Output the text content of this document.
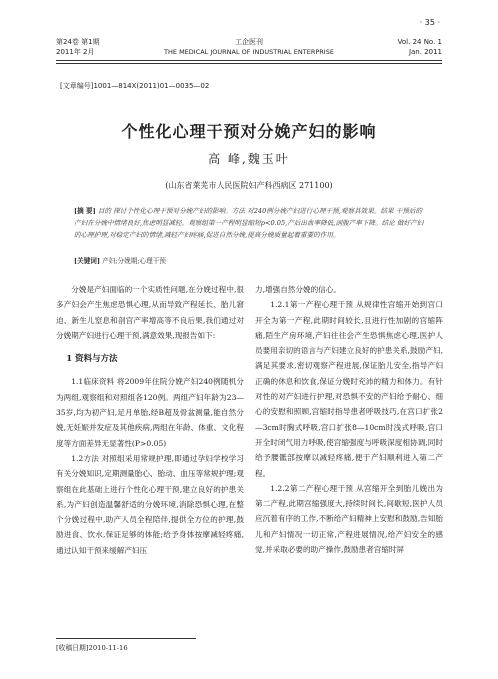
· 35 ·
第24卷 第1期
2011年 2月
工企医刊
THE MEDICAL JOURNAL OF INDUSTRIAL ENTERPRISE
Vol. 24 No. 1
Jan. 2011
[文章编号]1001—814X(2011)01—0035—02
个性化心理干预对分娩产妇的影响
高 峰,魏玉叶
(山东省莱芜市人民医院妇产科西病区 271100)
[摘 要] 目的 探讨个性化心理干预对分娩产妇的影响。方法 对240例分娩产妇进行心理干预,观察其效果。结果 干预后的产妇在分娩中情绪良好,焦虑明显减轻。观察组第一产程明显缩短p<0.05,产后出血率降低,剖腹产率下降。结论 做好产妇的心理护理,对稳定产妇的情绪,减轻产妇疼痛,促进自然分娩,提高分娩质量起着重要的作用。
[关键词] 产妇;分娩期;心理干预

分娩是产妇面临的一个实质性问题,在分娩过程中,很多产妇会产生焦虑恐惧心理,从而导致产程延长、胎儿窘迫、新生儿窒息和剖宫产率增高等不良后果,我们通过对分娩期产妇进行心理干预,满意效果,现报告如下:

1 资料与方法

1.1临床资料 将2009年住院分娩产妇240例随机分为两组,观察组和对照组各120例。两组产妇年龄为23—35岁,均为初产妇,足月单胎,经B超及骨盆测量,能自然分娩,无妊娠并发症及其他疾病,两组在年龄、体重、文化程度等方面差异无显著性(P>0.05)

1.2方法 对照组采用常规护理,即通过孕妇学校学习有关分娩知识,定期测量胎心、胎动、血压等常规护理;观察组在此基础上进行个性化心理干预,建立良好的护患关系,为产妇创造温馨舒适的分娩环境,消除恐惧心理,在整个分娩过程中,助产人员全程陪伴,提供全方位的护理,鼓励进食、饮水,保证足够的体能;给予身体按摩减轻疼痛,通过认知干预来缓解产妇压

力,增强自然分娩的信心。

1.2.1第一产程心理干预 从规律性宫缩开始到宫口开全为第一产程,此期时间较长,且进行性加剧的宫缩阵痛,陌生产房环境,产妇往往会产生恐惧焦虑心理,医护人员要用亲切的语言与产妇建立良好的护患关系,鼓励产妇,满足其要求,密切观察产程进展,保证胎儿安全,指导产妇正确的休息和饮食,保证分娩时充沛的精力和体力。有针对性的对产妇进行护理,对恐惧不安的产妇给予耐心、细心的安慰和照顾,宫缩时指导患者呼吸技巧,在宫口扩张2—3cm时胸式呼吸,宫口扩张8—10cm时浅式呼吸,宫口开全时闭气用力呼吸,使宫缩强度与呼吸深度相协调,同时给予腰骶部按摩以减轻疼痛,便于产妇顺利进入第二产程。

1.2.2第二产程心理干预 从宫缩开全到胎儿娩出为第二产程,此期宫缩强度大,持续时间长,间歇短,医护人员应沉着有序的工作,不断给产妇精神上安慰和鼓励,告知胎儿和产妇情况一切正常,产程进展情况,给产妇安全的感觉,并采取必要的助产操作,鼓励患者宫缩时屏

[收稿日期]2010-11-16
